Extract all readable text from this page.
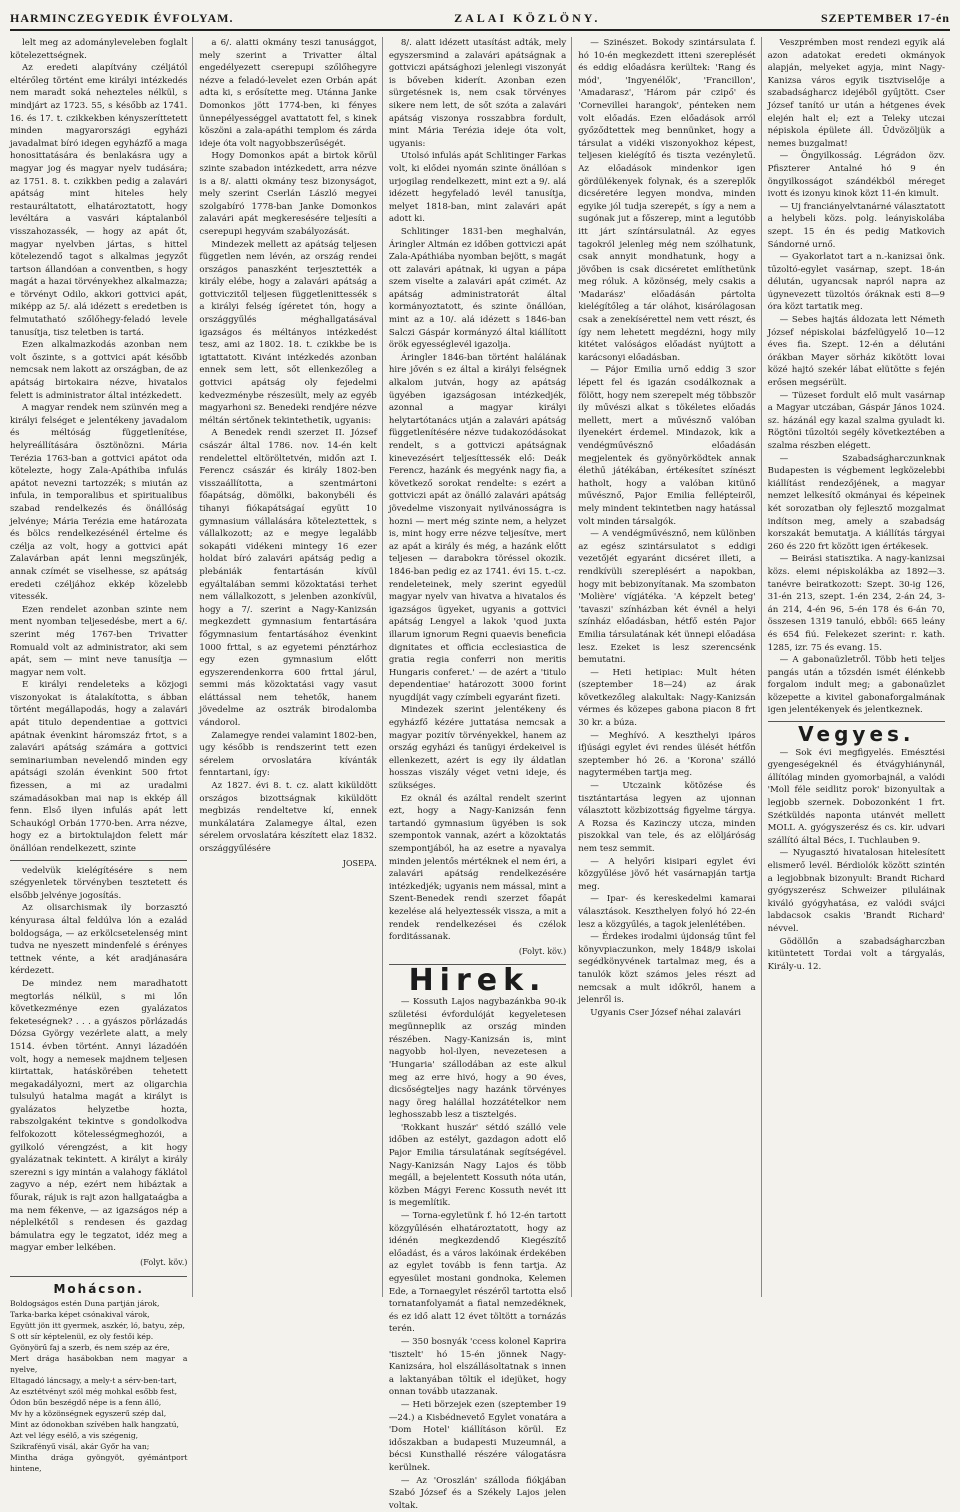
HARMINCZEGYEDIK ÉVFOLYAM.	ZALAI KÖZLÖNY.	SZEPTEMBER 17-én

lelt meg az adományleveleben foglalt kötelezettségnek.

Az eredeti alapítvány czéljától eltérőleg történt eme királyi intézkedés nem maradt soká nehezteles nélkül, s mindjárt az 1723. 55, s később az 1741. 16. és 17. t. czikkekben kényszeríttetett minden magyarországi egyházi javadalmat bíró idegen egyházfő a maga honosittatására és benlakásra ugy a magyar jog és magyar nyelv tudására; az 1751. 8. t. czikkben pedig a zalavári apátság mint hiteles hely restauráltatott, elhatároztatott, hogy levéltára a vasvári káptalanból visszahozassék, — hogy az apát őt, magyar nyelvben jártas, s hittel kötelezendő tagot s alkalmas jegyzőt tartson állandóan a conventben, s hogy magát a hazai törvényekhez alkalmazza; e törvényt Odilo, akkori gottvici apát, miképp az 5/. alá idézett s eredetben is felmutatható szőlőhegy-feladó levele tanusítja, tisz teletben is tartá.

Ezen alkalmazkodás azonban nem volt őszinte, s a gottvici apát később nemcsak nem lakott az országban, de az apátság birtokaira nézve, hivatalos felett is administrator által intézkedett.

A magyar rendek nem szünvén meg a királyi felséget e jelentékeny javadalom és méltóság függetlenítése, helyreállítására ösztönözni. Mária Terézia 1763-ban a gottvici apátot oda kötelezte, hogy Zala-Apáthiba infulás apátot nevezni tartozzék; s miután az infula, in temporalibus et spiritualibus szabad rendelkezés és önállóság jelvénye; Mária Terézia eme határozata és bölcs rendelkezésénél értelme és czélja az volt, hogy a gottvici apát Zalavárban apát lenni megszünjék, annak czímét se viselhesse, sz apátság eredeti czéljához ekkép közelebb vitessék.

Ezen rendelet azonban szinte nem ment nyomban teljesedésbe, mert a 6/. szerint még 1767-ben Trivatter Romuald volt az administrator, aki sem apát, sem — mint neve tanusítja — magyar nem volt.

E királyi rendeleteks a közjogi viszonyokat is átalakította, s ábban történt megállapodás, hogy a zalavári apát titulo dependentiae a gottvici apátnak évenkint háromszáz frtot, s a zalavári apátság számára a gottvici seminariumban nevelendő minden egy apátsági szolán évenkint 500 frtot fizessen, a mi az uradalmi számadásokban mai nap is ekkép áll fenn. Első ilyen infulás apát lett Schaukógl Orbán 1770-ben. Arra nézve, hogy ez a birtoktulajdon felett már önállóan rendelkezett, szinte

vedelvük kielégítésére s nem szégyenletek törvényben tesztetett és elsőbb jelvénye jogosítás.

Az olisarchismak ily borzasztó kényurasa által feldúlva lón a ezalád boldogsága, — az erkölcsetelenség mint tudva ne nyeszett mindenfelé s érényes tettnek vénte, a két aradjánasára kérdezett.

De mindez nem maradhatott megtorlás nélkül, s mi lőn következménye ezen gyalázatos feketeségnek? . . . a gyászos pörlázadás Dózsa György vezérlete alatt, a mely 1514. évben történt. Annyi lázadóén volt, hogy a nemesek majdnem teljesen kiirtattak, hatáskörében tehetett megakadályozni, mert az oligarchia tulsulyú hatalma magát a királyt is gyalázatos helyzetbe hozta, rabszolgaként tekintve s gondolkodva felfokozott kötelességmeghozói, a gyilkoló vérengzést, a kit hogy gyalázatnak tekintett. A királyt a király szerezni s igy mintán a valahogy fáklátol zagyvo a nép, ezért nem hibáztak a főurak, rájuk is rajt azon hallgataágba a ma nem fékenve, — az igazságos nép a néplelkétől s rendesen és gazdag bámulatra egy le tegzatot, idéz meg a magyar ember lelkében.

(Folyt. köv.)
Mohácson.
Boldogságos estén Duna partján járok,
Tarka-barka képet csónakival várok,
Együtt jön itt gyermek, aszkér, ló, batyu, zép,
S ott sír képtelenül, ez oly festői kép.
Gyönyörű faj a szerb, és nem szép az ére,
Mert drága hasábokban nem magyar a nyelve,
Eltagadó láncsagy, a mely-t a sérv-ben-tart,
Az esztétvényt szól még mohkal esőbb fest,
Ódon bűn beszégdő népe is a fenn álló,
Mv hy a közönségnek egyszerű szép dal,
Mint az ódonokban szívében halk hangzatú,
Azt vel légy esélő, a vis szégenig,
Szikrafényű visál, akár Győr ha van;
Mintha drága gyöngyöt, gyémántport hintene,

a 6/. alatti okmány teszi tanusággot, mely szerint a Trivatter által engedélyezett cserepupi szőlőhegyre nézve a feladó-levelet ezen Orbán apát adta ki, s erősítette meg. Utánna Janke Domonkos jött 1774-ben, ki fényes ünnepélyességgel avattatott fel, s kinek köszöni a zala-apáthi templom és zárda ideje óta volt nagyobbszerűségét.

Hogy Domonkos apát a birtok körül szinte szabadon intézkedett, arra nézve is a 8/. alatti okmány tesz bizonyságot, mely szerint Cserlán László megyei szolgabíró 1778-ban Janke Domonkos zalavári apát megkeresésére teljesíti a cserepupi hegyvám szabályozását.

Mindezek mellett az apátság teljesen független nem lévén, az ország rendei országos panaszként terjesztették a király elébe, hogy a zalavári apátság a gottviczitől teljesen függetlenittessék s a királyi felség ígéretet tón, hogy a országgyűlés méghallgatásával igazságos és méltányos intézkedést tesz, ami az 1802. 18. t. czikkbe be is igtattatott. Kivánt intézkedés azonban ennek sem lett, sőt ellenkezőleg a gottvici apátság oly fejedelmi kedvezménybe részesült, mely az egyéb magyarhoni sz. Benedeki rendjére nézve méltán sértőnek tekintethetik, ugyanis:

A Benedek rendi szerzet II. József császár által 1786. nov. 14-én kelt rendelettel eltöröltetvén, midőn azt I. Ferencz császár és király 1802-ben visszaállította, a szentmártoni főapátság, dömölki, bakonybéli és tihanyi fiókapátságaí együtt 10 gymnasium vállalására köteleztettek, s vállalkozott; az e megye legalább sokapáti vidékeni mintegy 16 ezer holdat bíró zalavári apátság pedig a plebániák fentartásán kívül egyáltalában semmi közoktatási terhet nem vállalkozott, s jelenben azonkívül, hogy a 7/. szerint a Nagy-Kanizsán megkezdett gymnasium fentartására főgymnasium fentartásához évenkint 1000 frttal, s az egyetemi pénztárhoz egy ezen gymnasium előtt egyszerendenkorra 600 frttal járul, semmi más közoktatási vagy vasut eláttással nem tehetők, hanem jövedelme az osztrák birodalomba vándorol.

Zalamegye rendei valamint 1802-ben, ugy később is rendszerint tett ezen sérelem orvoslatára kívánták fenntartani, így:

Az 1827. évi 8. t. cz. alatt kiküldött országos bizottságnak kiküldött megbizás rendeltetve kí, ennek munkálatára Zalamegye által, ezen sérelem orvoslatára készített elaz 1832. országgyűlésére

JOSEPA.

8/. alatt idézett utasítást adták, mely egyszersmind a zalavári apátságnak a gottviczi apátsághozi jelenlegi viszonyát is bőveben kiderít. Azonban ezen sürgetésnek is, nem csak törvényes sikere nem lett, de sőt szóta a zalavári apátság viszonya rosszabbra fordult, mint Mária Terézia ideje óta volt, ugyanis:

Utolsó infulás apát Schlitinger Farkas volt, ki elődei nyomán szinte önállóan s urjogilag rendelkezett, mint ezt a 9/. alá idézett hegyfeladó levél tanusítja, melyet 1818-ban, mint zalavári apát adott ki.

Schlitinger 1831-ben meghalván, Áringler Altmán ez időben gottviczi apát Zala-Apáthiába nyomban bejött, s magát ott zalavári apátnak, ki ugyan a pápa szem viselte a zalavári apát czimét. Az apátság administratorát által kormányoztatott, és szinte önállóan, mint az a 10/. alá idézett s 1846-ban Salczi Gáspár kormányzó által kiállított örök egyességlevél igazolja.

Áringler 1846-ban történt halálának hire jővén s ez által a királyi felségnek alkalom jutván, hogy az apátság ügyében igazságosan intézkedjék, azonnal a magyar királyi helytartótanács utján a zalavári apátság függetlenítésére nézve tudakozódásokat rendelt, s a gottviczi apátságnak kinevezésért teljesíttessék elő: Deák Ferencz, hazánk és megyénk nagy fia, a következő sorokat rendelte: s ezért a gottviczi apát az önálló zalavári apátság jövedelme viszonyait nyilvánosságra is hozni — mert még szinte nem, a helyzet is, mint hogy erre nézve teljesítve, mert az apát a király és még, a hazánk előtt teljesen — darabokra töréssel okozik. 1846-ban pedig ez az 1741. évi 15. t.-cz. rendeleteinek, mely szerint egyedül magyar nyelv van hivatva a hivatalos és igazságos ügyeket, ugyanis a gottvici apátság Lengyel a lakok 'quod juxta illarum ignorum Regni quaevis beneficia dignitates et officia ecclesiastica de gratia regia conferri non meritis Hungaris conferet.' — de azért a 'titulo dependentiae' határozott 3000 forint nyugdíját vagy czímbeli egyaránt fizeti.

Mindezek szerint jelentékeny és egyházfő kézére juttatása nemcsak a magyar pozitív törvényekkel, hanem az ország egyházi és tanügyi érdekeivel is ellenkezett, azért is egy ily áldatlan hosszas viszály véget vetni ideje, és szükséges.

Ez oknál és azáltal rendelt szerint ezt, hogy a Nagy-Kanizsán fenn tartandó gymnasium ügyében is sok szempontok vannak, azért a közoktatás szempontjából, ha az esetre a nyavalya minden jelentős mértéknek el nem éri, a zalavári apátság rendelkezésére intézkedjék; ugyanis nem mással, mint a Szent-Benedek rendi szerzet főapát kezelése alá helyeztessék vissza, a mit a rendek rendelkezései és czélok forditássanak.

(Folyt. köv.)
Hirek.

— Kossuth Lajos nagybazánkba 90-ik születési évfordulóját kegyeletesen megünneplik az ország minden részében. Nagy-Kanizsán is, mint nagyobb hol-ilyen, nevezetesen a 'Hungaria' szállodában az este alkul meg az erre hivó, hogy a 90 éves, dicsőségteljes nagy hazánk törvényes nagy öreg halállal hozzátételkor nem leghosszabb lesz a tisztelgés.

'Rokkant huszár' sétdó szálló vele időben az estélyt, gazdagon adott elő Pajor Emilia társulatának segítségével. Nagy-Kanizsán Nagy Lajos és több megáll, a bejelentett Kossuth nóta után, közben Mágyi Ferenc Kossuth nevét itt is megemlítik.

— Torna-egyletünk f. hó 12-én tartott közgyűlésén elhatároztatott, hogy az idénén megkezdendő Kiegészítő előadást, és a város lakóinak érdekében az egylet tovább is fenn tartja. Az egyesület mostani gondnoka, Kelemen Ede, a Tornaegylet részéről tartotta első tornatanfolyamát a fiatal nemzedéknek, és ez idő alatt 12 évet töltött a tornázás terén.

— 350 bosnyák 'ccess kolonel Kaprira 'tisztelt' hó 15-én jönnek Nagy-Kanizsára, hol elszállásoltatnak s innen a laktanyában töltik el idejüket, hogy onnan tovább utazzanak.

— Heti börzejek ezen (szeptember 19—24.) a Kisbédnevető Egylet vonatára a 'Dom Hotel' kiállításon körül. Ez időszakban a budapesti Muzeumnál, a bécsi Kunsthallé részére válogatásra kerülnek.

— Az 'Oroszlán' szálloda fiókjában Szabó József és a Székely Lajos jelen voltak.

— Szinészet. Bokody szintársulata f. hó 10-én megkezdett itteni szereplését és eddig előadásra kerültek: 'Rang és mód', 'Ingyenélők', 'Francillon', 'Amadarasz', 'Három pár czipő' és 'Cornevillei harangok', pénteken nem volt előadás. Ezen előadások arról győződtettek meg bennünket, hogy a társulat a vidéki viszonyokhoz képest, teljesen kielégítő és tiszta vezényletű. Az előadások mindenkor igen gördülékenyek folynak, és a szereplők dicséretére legyen mondva, minden egyike jól tudja szerepét, s így a nem a sugónak jut a főszerep, mint a legutóbb itt járt színtársulatnál. Az egyes tagokról jelenleg még nem szólhatunk, csak annyit mondhatunk, hogy a jövőben is csak dicséretet említhetünk meg róluk. A közönség, mely csakis a 'Madarász' előadásán pártolta kielégítőleg a tár oláhot, kisárólagosan csak a zenekísérettel nem vett részt, és így nem lehetett megdézni, hogy mily kitétet valóságos előadást nyújtott a karácsonyi előadásban.

— Pájor Emilia urnő eddig 3 szor lépett fel és igazán csodálkoznak a fölött, hogy nem szerepelt még többször ily művészi alkat s tökéletes előadás mellett, mert a művésznő valóban ilyenekért érdemel. Mindazok, kik a vendégművésznő előadásán megjelentek és gyönyörködtek annak élethű játékában, értékesítet színészt hatholt, hogy a valóban kitünő művésznő, Pajor Emilia fellépteiről, mely mindent tekintetben nagy hatással volt minden társalgók.

— A vendégművésznő, nem különben az egész szintársulatot s eddigi vezetőjét egyaránt dicséret illeti, a rendkívüli szereplésért a napokban, hogy mit bebizonyítanak. Ma szombaton 'Molière' vígjátéka. 'A képzelt beteg' 'tavaszi' színházban két évnél a helyi színház előadásban, hétfő estén Pajor Emilia társulatának két ünnepi előadása lesz. Ezeket is lesz szerencsénk bemutatni.

— Heti hetipiac: Mult héten (szeptember 18—24) az árak következőleg alakultak: Nagy-Kanizsán vérmes és közepes gabona piacon 8 frt 30 kr. a búza.

— Meghívó. A keszthelyi ipáros ifjúsági egylet évi rendes ülését hétfőn szeptember hó 26. a 'Korona' szálló nagytermében tartja meg.

— Utczaink kötözése és tisztántartása legyen az ujonnan választott közbizottság figyelme tárgya. A Rozsa és Kazinczy utcza, minden piszokkal van tele, és az elöljáróság nem tesz semmit.

— A helyőri kisipari egylet évi közgyűlése jövő hét vasárnapján tartja meg.

— Ipar- és kereskedelmi kamarai választások. Keszthelyen folyó hó 22-én lesz a közgyűlés, a tagok jelenlétében.

— Érdekes irodalmi újdonság tűnt fel könyvpiaczunkon, mely 1848/9 iskolai segédkönyvének tartalmaz meg, és a tanulók közt számos jeles részt ad nemcsak a mult időkről, hanem a jelenről is.

Ugyanis Cser József néhai zalavári

Veszprémben most rendezi egyik alá azon adatokat eredeti okmányok alapján, melyeket agyja, mint Nagy-Kanizsa város egyik tisztviselője a szabadságharcz idejéből gyűjtött. Cser József tanító ur után a hétgenes évek elején halt el; ezt a Teleky utczai népiskola épülete áll. Üdvözöljük a nemes buzgalmat!

— Öngyilkosság. Légrádon özv. Pfiszterer Antalné hó 9 én öngyilkosságot szándékból méreget ivott és izonyu kinok közt 11-én kimult.

— Uj franciányelvtanárné választatott a helybeli közs. polg. leányiskolába szept. 15 én és pedig Matkovich Sándorné urnő.

— Gyakorlatot tart a n.-kanizsai önk. tűzoltó-egylet vasárnap, szept. 18-án délután, ugyancsak napról napra az úgynevezett tüzoltós óráknak esti 8—9 óra közt tartatik meg.

— Sebes hajtás áldozata lett Németh József népiskolai bázfelügyelő 10—12 éves fia. Szept. 12-én a délutáni órákban Mayer sörház kikötött lovai közé hajtó szekér lábat elütötte s fején erősen megsérült.

— Tüzeset fordult elő mult vasárnap a Magyar utczában, Gáspár János 1024. sz. házánál egy kazal szalma gyuladt ki. Rögtöni tűzoltói segély következtében a szalma részben elégett.

— Szabadságharczunknak Budapesten is végbement legközelebbi kiállítást rendezőjének, a magyar nemzet lelkesítő okmányai és képeinek két sorozatban oly fejlesztő mozgalmat indítson meg, amely a szabadság korszakát bemutatja. A kiállítás tárgyai 260 és 220 frt között igen értékesek.

— Beirási statisztika. A nagy-kanizsai közs. elemi népiskolákba az 1892—3. tanévre beiratkozott: Szept. 30-ig 126, 31-én 213, szept. 1-én 234, 2-án 24, 3-án 214, 4-én 96, 5-én 178 és 6-án 70, összesen 1319 tanuló, ebből: 665 leány és 654 fiú. Felekezet szerint: r. kath. 1285, izr. 75 és evang. 15.

— A gabonaüzletről. Több heti teljes pangás után a tőzsdén ismét élénkebb forgalom indult meg; a gabonaüzlet közepette a kivitel gabonaforgalmának igen jelentékenyek és jelentkeznek.

Vegyes.

— Sok évi megfigyelés. Emésztési gyengeségeknél és étvágyhiánynál, állítólag minden gyomorbajnál, a valódi 'Moll féle seidlitz porok' bizonyultak a legjobb szernek. Dobozonként 1 frt. Szétküldés naponta utánvét mellett MOLL A. gyógyszerész és cs. kir. udvari szállító által Bécs, I. Tuchlauben 9.

— Nyugasztó hivatalosan hitelesített elismerő levél. Bérdiolók között szintén a legjobbnak bizonyult: Brandt Richard gyógyszerész Schweizer piluláinak kiváló gyógyhatása, ez valódi svájci labdacsok csakis 'Brandt Richard' névvel.

Gödöllőn a szabadságharczban kitüntetett Tordai volt a tárgyalás, Király-u. 12.
